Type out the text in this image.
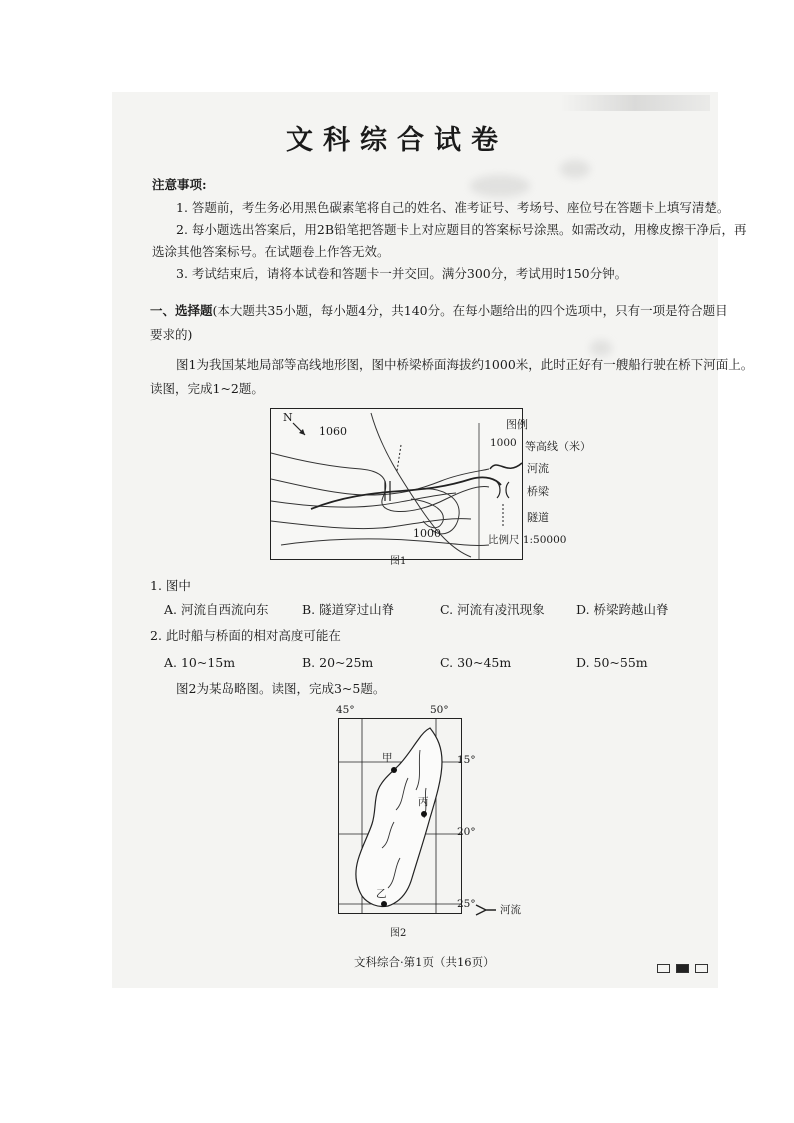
文科综合试卷
注意事项:
1. 答题前，考生务必用黑色碳素笔将自己的姓名、准考证号、考场号、座位号在答题卡上填写清楚。
2. 每小题选出答案后，用2B铅笔把答题卡上对应题目的答案标号涂黑。如需改动，用橡皮擦干净后，再
选涂其他答案标号。在试题卷上作答无效。
3. 考试结束后，请将本试卷和答题卡一并交回。满分300分，考试用时150分钟。
一、选择题(本大题共35小题，每小题4分，共140分。在每小题给出的四个选项中，只有一项是符合题目
要求的)
图1为我国某地局部等高线地形图，图中桥梁桥面海拔约1000米，此时正好有一艘船行驶在桥下河面上。
读图，完成1~2题。
N
1060
1000
图例
1000 等高线（米）
河流
桥梁
隧道
比例尺 1:50000
图1
1. 图中
A. 河流自西流向东	B. 隧道穿过山脊	C. 河流有凌汛现象	D. 桥梁跨越山脊
2. 此时船与桥面的相对高度可能在
A. 10~15m	B. 20~25m	C. 30~45m	D. 50~55m
图2为某岛略图。读图，完成3~5题。
45°	50°
甲
丙
乙
15°
20°
25° 河流
图2
文科综合·第1页（共16页）
